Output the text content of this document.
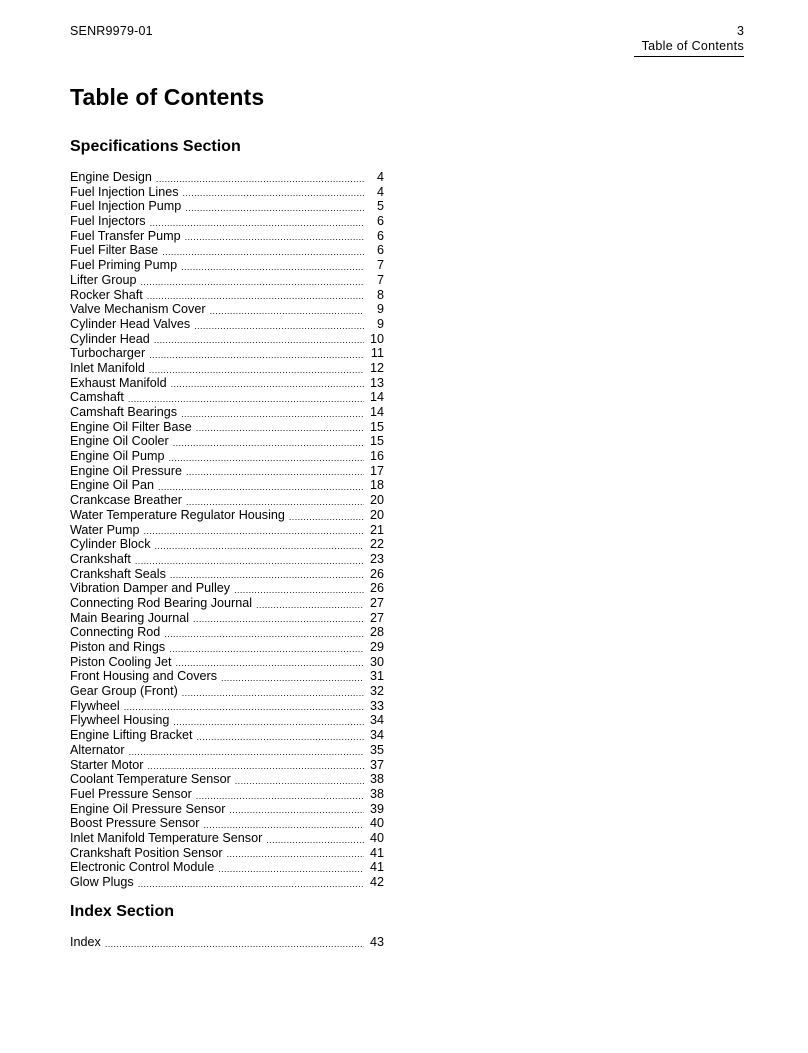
SENR9979-01	3
Table of Contents
Table of Contents
Specifications Section
Engine Design .....	4
Fuel Injection Lines .....	4
Fuel Injection Pump .....	5
Fuel Injectors .....	6
Fuel Transfer Pump .....	6
Fuel Filter Base .....	6
Fuel Priming Pump .....	7
Lifter Group .....	7
Rocker Shaft .....	8
Valve Mechanism Cover .....	9
Cylinder Head Valves .....	9
Cylinder Head .....	10
Turbocharger .....	11
Inlet Manifold .....	12
Exhaust Manifold .....	13
Camshaft .....	14
Camshaft Bearings .....	14
Engine Oil Filter Base .....	15
Engine Oil Cooler .....	15
Engine Oil Pump .....	16
Engine Oil Pressure .....	17
Engine Oil Pan .....	18
Crankcase Breather .....	20
Water Temperature Regulator Housing .....	20
Water Pump .....	21
Cylinder Block .....	22
Crankshaft .....	23
Crankshaft Seals .....	26
Vibration Damper and Pulley .....	26
Connecting Rod Bearing Journal .....	27
Main Bearing Journal .....	27
Connecting Rod .....	28
Piston and Rings .....	29
Piston Cooling Jet .....	30
Front Housing and Covers .....	31
Gear Group (Front) .....	32
Flywheel .....	33
Flywheel Housing .....	34
Engine Lifting Bracket .....	34
Alternator .....	35
Starter Motor .....	37
Coolant Temperature Sensor .....	38
Fuel Pressure Sensor .....	38
Engine Oil Pressure Sensor .....	39
Boost Pressure Sensor .....	40
Inlet Manifold Temperature Sensor .....	40
Crankshaft Position Sensor .....	41
Electronic Control Module .....	41
Glow Plugs .....	42
Index Section
Index .....	43
